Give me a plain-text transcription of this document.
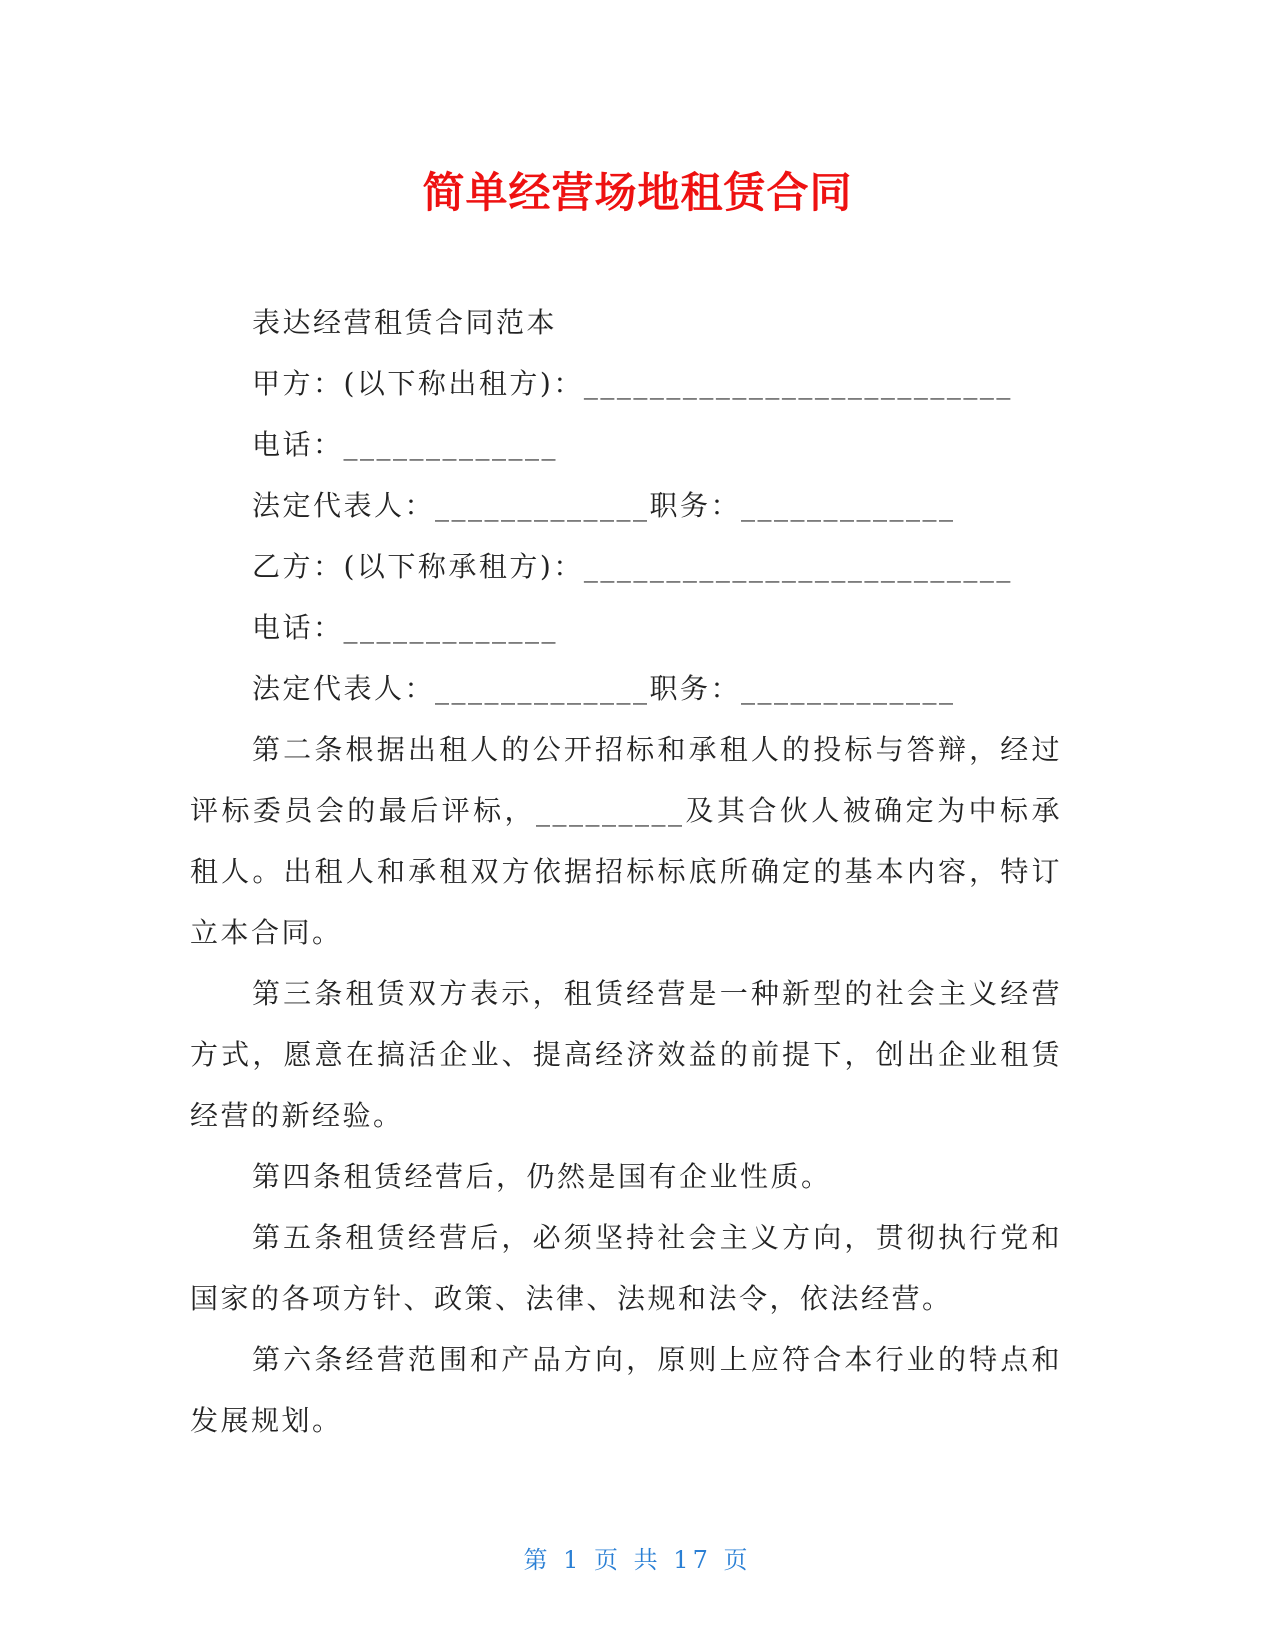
简单经营场地租赁合同
表达经营租赁合同范本
甲方：(以下称出租方)：__________________________
电话：_____________
法定代表人：_____________职务：_____________
乙方：(以下称承租方)：__________________________
电话：_____________
法定代表人：_____________职务：_____________
第二条根据出租人的公开招标和承租人的投标与答辩，经过评标委员会的最后评标，_________及其合伙人被确定为中标承租人。出租人和承租双方依据招标标底所确定的基本内容，特订立本合同。
第三条租赁双方表示，租赁经营是一种新型的社会主义经营方式，愿意在搞活企业、提高经济效益的前提下，创出企业租赁经营的新经验。
第四条租赁经营后，仍然是国有企业性质。
第五条租赁经营后，必须坚持社会主义方向，贯彻执行党和国家的各项方针、政策、法律、法规和法令，依法经营。
第六条经营范围和产品方向，原则上应符合本行业的特点和发展规划。
第 1 页 共 17 页
